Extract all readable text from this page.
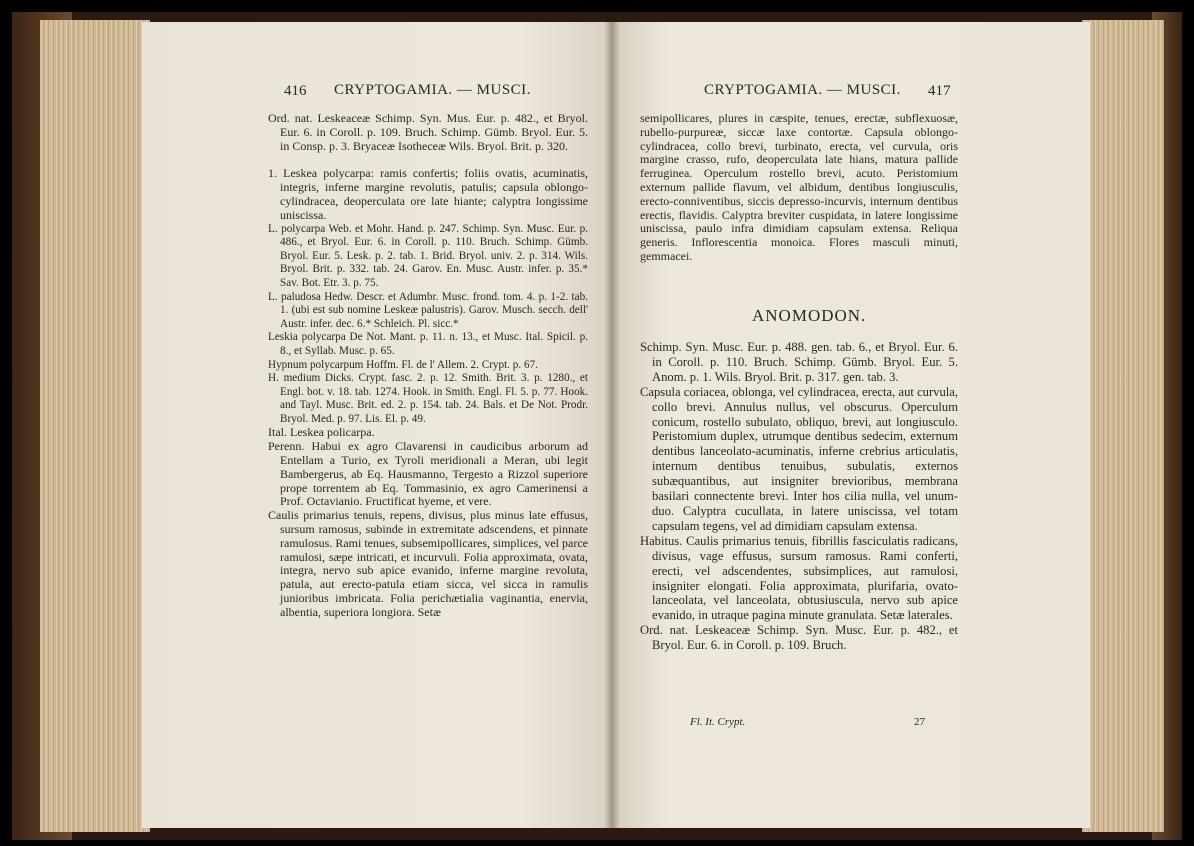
416 CRYPTOGAMIA. — MUSCI.

Ord. nat. Leskeaceæ Schimp. Syn. Mus. Eur. p. 482., et Bryol. Eur. 6. in Coroll. p. 109. Bruch. Schimp. Gümb. Bryol. Eur. 5. in Consp. p. 3. Bryaceæ Isotheceæ Wils. Bryol. Brit. p. 320.

1. Leskea polycarpa: ramis confertis; foliis ovatis, acuminatis, integris, inferne margine revolutis, patulis; capsula oblongo-cylindracea, deoperculata ore late hiante; calyptra longissime uniscissa.

L. polycarpa Web. et Mohr. Hand. p. 247. Schimp. Syn. Musc. Eur. p. 486., et Bryol. Eur. 6. in Coroll. p. 110. Bruch. Schimp. Gümb. Bryol. Eur. 5. Lesk. p. 2. tab. 1. Brid. Bryol. univ. 2. p. 314. Wils. Bryol. Brit. p. 332. tab. 24. Garov. En. Musc. Austr. infer. p. 35.* Sav. Bot. Etr. 3. p. 75.

L. paludosa Hedw. Descr. et Adumbr. Musc. frond. tom. 4. p. 1-2. tab. 1. (ubi est sub nomine Leskeæ palustris). Garov. Musch. secch. dell' Austr. infer. dec. 6.* Schleich. Pl. sicc.*

Leskia polycarpa De Not. Mant. p. 11. n. 13., et Musc. Ital. Spicil. p. 8., et Syllab. Musc. p. 65.

Hypnum polycarpum Hoffm. Fl. de l' Allem. 2. Crypt. p. 67.

H. medium Dicks. Crypt. fasc. 2. p. 12. Smith. Brit. 3. p. 1280., et Engl. bot. v. 18. tab. 1274. Hook. in Smith. Engl. Fl. 5. p. 77. Hook. and Tayl. Musc. Brit. ed. 2. p. 154. tab. 24. Bals. et De Not. Prodr. Bryol. Med. p. 97. Lis. El. p. 49.

Ital. Leskea policarpa.

Perenn. Habui ex agro Clavarensi in caudicibus arborum ad Entellam a Turio, ex Tyroli meridionali a Meran, ubi legit Bambergerus, ab Eq. Hausmanno, Tergesto a Rizzol superiore prope torrentem ab Eq. Tommasinio, ex agro Camerinensi a Prof. Octavianio. Fructificat hyeme, et vere.

Caulis primarius tenuis, repens, divisus, plus minus late effusus, sursum ramosus, subinde in extremitate adscendens, et pinnate ramulosus. Rami tenues, subsemipollicares, simplices, vel parce ramulosi, sæpe intricati, et incurvuli. Folia approximata, ovata, integra, nervo sub apice evanido, inferne margine revoluta, patula, aut erecto-patula etiam sicca, vel sicca in ramulis junioribus imbricata. Folia perichætialia vaginantia, enervia, albentia, superiora longiora. Setæ

CRYPTOGAMIA. — MUSCI. 417

semipollicares, plures in cæspite, tenues, erectæ, subflexuosæ, rubello-purpureæ, siccæ laxe contortæ. Capsula oblongo-cylindracea, collo brevi, turbinato, erecta, vel curvula, oris margine crasso, rufo, deoperculata late hians, matura pallide ferruginea. Operculum rostello brevi, acuto. Peristomium externum pallide flavum, vel albidum, dentibus longiusculis, erecto-conniventibus, siccis depresso-incurvis, internum dentibus erectis, flavidis. Calyptra breviter cuspidata, in latere longissime uniscissa, paulo infra dimidiam capsulam extensa. Reliqua generis. Inflorescentia monoica. Flores masculi minuti, gemmacei.

ANOMODON.

Schimp. Syn. Musc. Eur. p. 488. gen. tab. 6., et Bryol. Eur. 6. in Coroll. p. 110. Bruch. Schimp. Gümb. Bryol. Eur. 5. Anom. p. 1. Wils. Bryol. Brit. p. 317. gen. tab. 3.

Capsula coriacea, oblonga, vel cylindracea, erecta, aut curvula, collo brevi. Annulus nullus, vel obscurus. Operculum conicum, rostello subulato, obliquo, brevi, aut longiusculo. Peristomium duplex, utrumque dentibus sedecim, externum dentibus lanceolato-acuminatis, inferne crebrius articulatis, internum dentibus tenuibus, subulatis, externos subæquantibus, aut insigniter brevioribus, membrana basilari connectente brevi. Inter hos cilia nulla, vel unum-duo. Calyptra cucullata, in latere uniscissa, vel totam capsulam tegens, vel ad dimidiam capsulam extensa.

Habitus. Caulis primarius tenuis, fibrillis fasciculatis radicans, divisus, vage effusus, sursum ramosus. Rami conferti, erecti, vel adscendentes, subsimplices, aut ramulosi, insigniter elongati. Folia approximata, plurifaria, ovato-lanceolata, vel lanceolata, obtusiuscula, nervo sub apice evanido, in utraque pagina minute granulata. Setæ laterales.

Ord. nat. Leskeaceæ Schimp. Syn. Musc. Eur. p. 482., et Bryol. Eur. 6. in Coroll. p. 109. Bruch.

Fl. It. Crypt.	27
